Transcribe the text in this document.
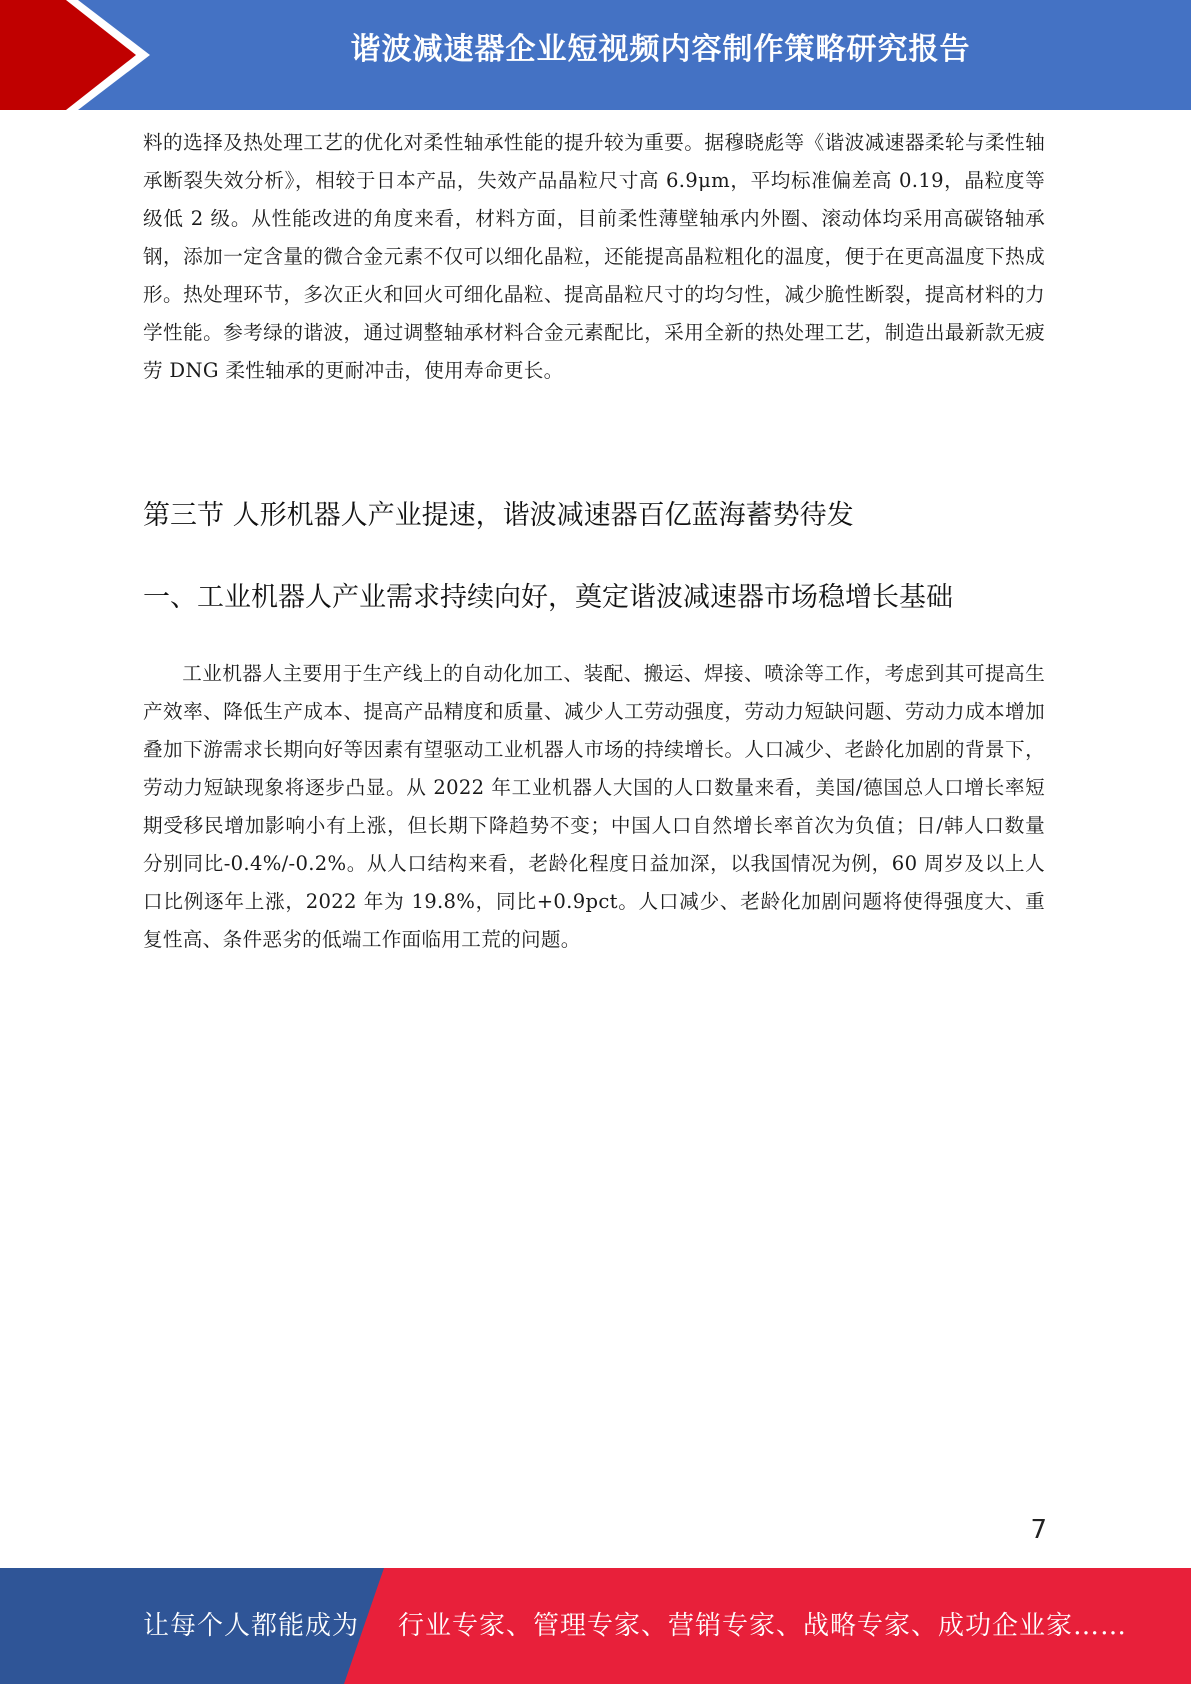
谐波减速器企业短视频内容制作策略研究报告

料的选择及热处理工艺的优化对柔性轴承性能的提升较为重要。据穆晓彪等《谐波减速器柔轮与柔性轴承断裂失效分析》，相较于日本产品，失效产品晶粒尺寸高 6.9μm，平均标准偏差高 0.19，晶粒度等级低 2 级。从性能改进的角度来看，材料方面，目前柔性薄壁轴承内外圈、滚动体均采用高碳铬轴承钢，添加一定含量的微合金元素不仅可以细化晶粒，还能提高晶粒粗化的温度，便于在更高温度下热成形。热处理环节，多次正火和回火可细化晶粒、提高晶粒尺寸的均匀性，减少脆性断裂，提高材料的力学性能。参考绿的谐波，通过调整轴承材料合金元素配比，采用全新的热处理工艺，制造出最新款无疲劳 DNG 柔性轴承的更耐冲击，使用寿命更长。

第三节 人形机器人产业提速，谐波减速器百亿蓝海蓄势待发
一、工业机器人产业需求持续向好，奠定谐波减速器市场稳增长基础

工业机器人主要用于生产线上的自动化加工、装配、搬运、焊接、喷涂等工作，考虑到其可提高生产效率、降低生产成本、提高产品精度和质量、减少人工劳动强度，劳动力短缺问题、劳动力成本增加叠加下游需求长期向好等因素有望驱动工业机器人市场的持续增长。人口减少、老龄化加剧的背景下，劳动力短缺现象将逐步凸显。从 2022 年工业机器人大国的人口数量来看，美国/德国总人口增长率短期受移民增加影响小有上涨，但长期下降趋势不变；中国人口自然增长率首次为负值；日/韩人口数量分别同比-0.4%/-0.2%。从人口结构来看，老龄化程度日益加深，以我国情况为例，60 周岁及以上人口比例逐年上涨，2022 年为 19.8%，同比+0.9pct。人口减少、老龄化加剧问题将使得强度大、重复性高、条件恶劣的低端工作面临用工荒的问题。

7
让每个人都能成为 行业专家、管理专家、营销专家、战略专家、成功企业家……
